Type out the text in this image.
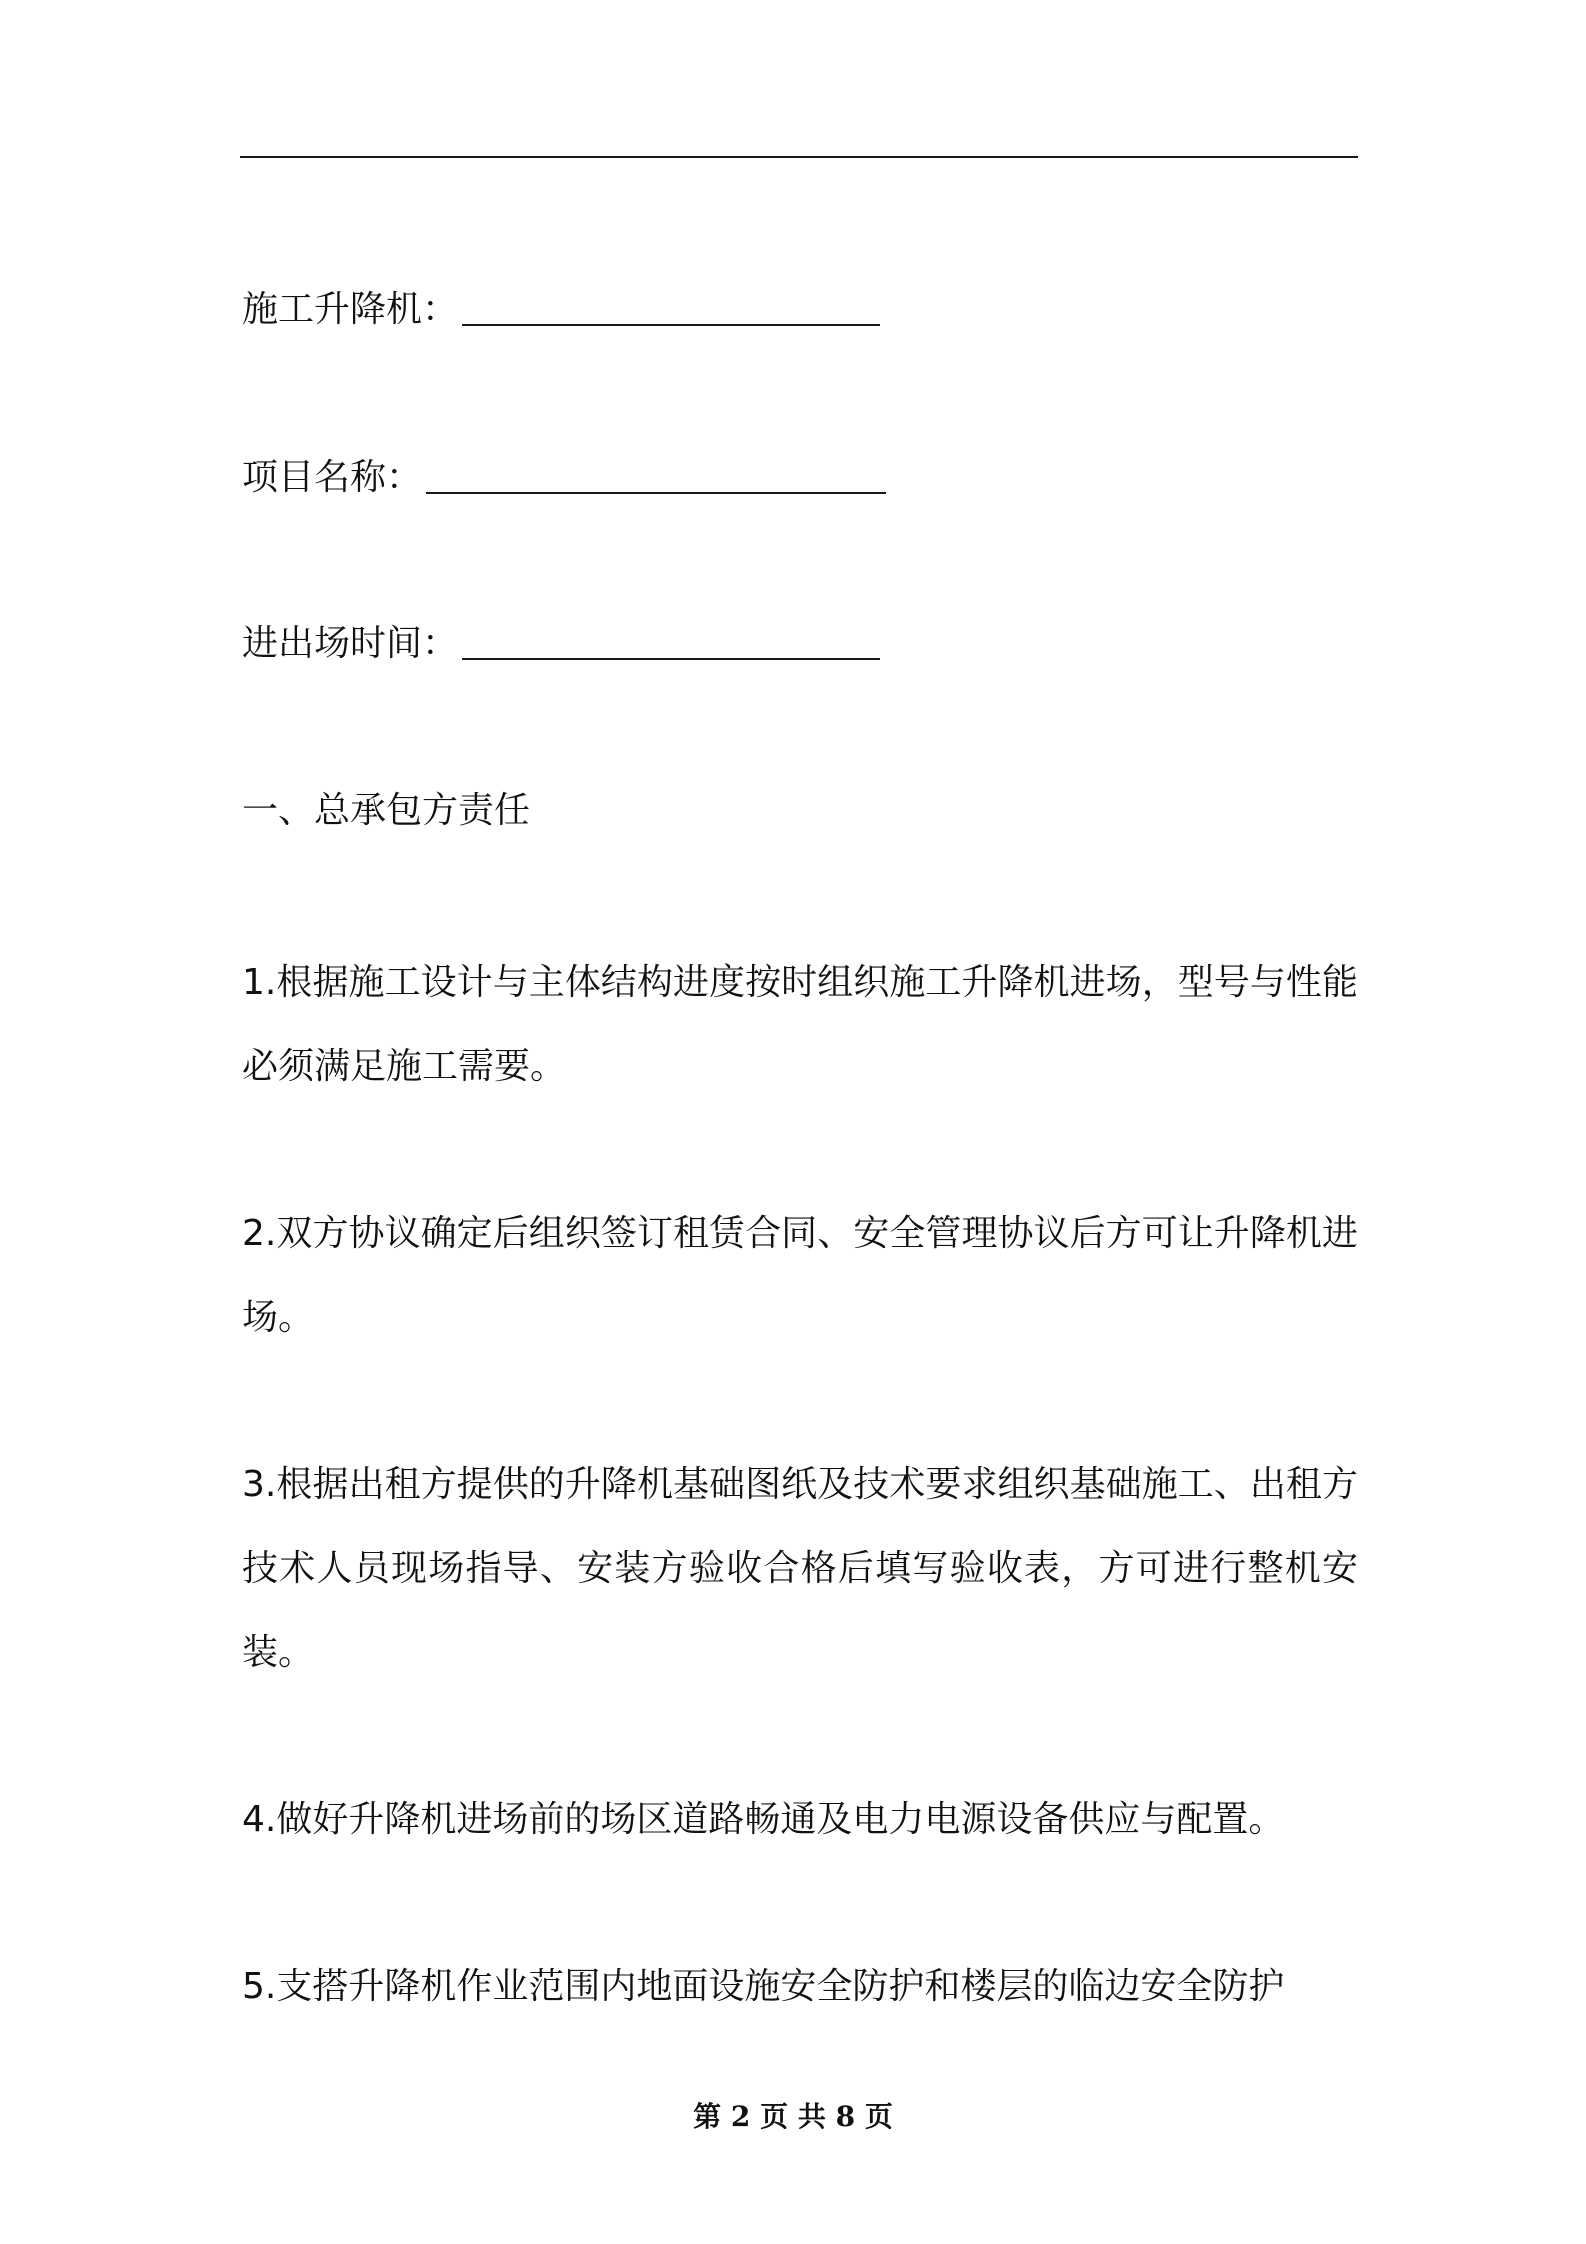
施工升降机：
项目名称：
进出场时间：
一、总承包方责任
1.根据施工设计与主体结构进度按时组织施工升降机进场，型号与性能必须满足施工需要。
2.双方协议确定后组织签订租赁合同、安全管理协议后方可让升降机进场。
3.根据出租方提供的升降机基础图纸及技术要求组织基础施工、出租方技术人员现场指导、安装方验收合格后填写验收表，方可进行整机安装。
4.做好升降机进场前的场区道路畅通及电力电源设备供应与配置。
5.支搭升降机作业范围内地面设施安全防护和楼层的临边安全防护
第 2 页 共 8 页
